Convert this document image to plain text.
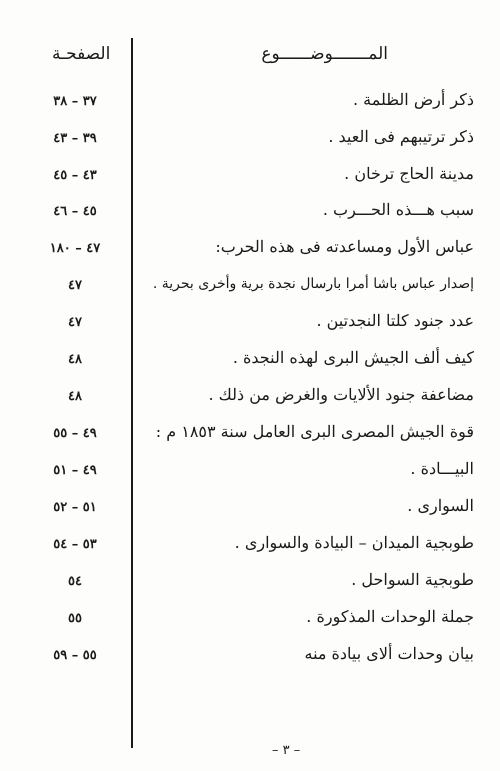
المـــــــوضــــــوع
الصفحـة
ذكر أرض الظلمة .
٣٧ – ٣٨
ذكر ترتيبهم فى العيد .
٣٩ – ٤٣
مدينة الحاج ترخان .
٤٣ – ٤٥
سبب هـــذه الحـــرب .
٤٥ – ٤٦
عباس الأول ومساعدته فى هذه الحرب:
٤٧ – ١٨٠
إصدار عباس باشا أمرا بارسال نجدة برية وأخرى بحرية .
٤٧
عدد جنود كلتا النجدتين .
٤٧
كيف ألف الجيش البرى لهذه النجدة .
٤٨
مضاعفة جنود الألايات والغرض من ذلك .
٤٨
قوة الجيش المصرى البرى العامل سنة ١٨٥٣ م :
٤٩ – ٥٥
البيـــادة .
٤٩ – ٥١
السوارى .
٥١ – ٥٢
طوبجية الميدان – البيادة والسوارى .
٥٣ – ٥٤
طوبجية السواحل .
٥٤
جملة الوحدات المذكورة .
٥٥
بيان وحدات ألاى بيادة منه
٥٥ – ٥٩
– ٣ –
